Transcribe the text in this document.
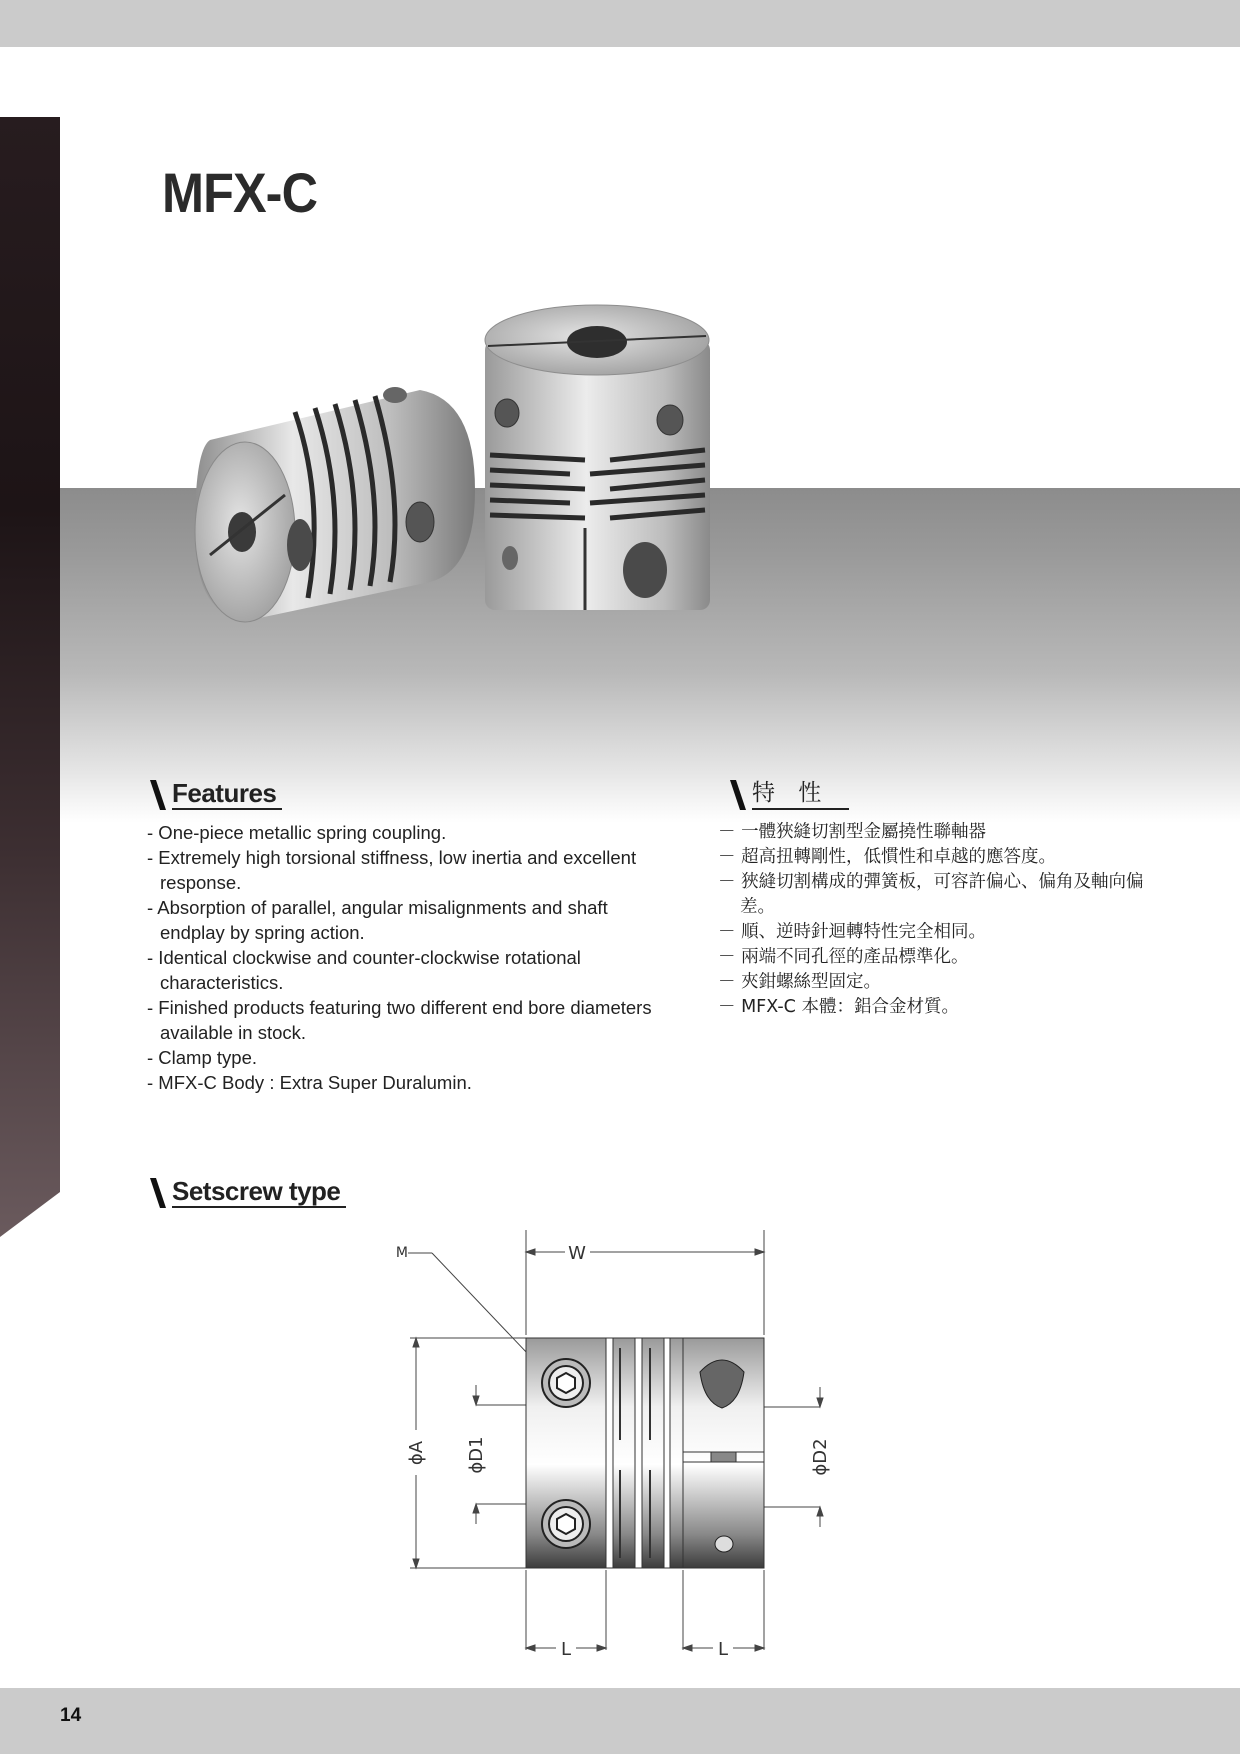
MFX-C
Features	特 性
- One-piece metallic spring coupling.
- Extremely high torsional stiffness, low inertia and excellent response.
- Absorption of parallel, angular misalignments and shaft endplay by spring action.
- Identical clockwise and counter-clockwise rotational characteristics.
- Finished products featuring two different end bore diameters available in stock.
- Clamp type.
- MFX-C Body : Extra Super Duralumin.
－ 一體狹縫切割型金屬撓性聯軸器
－ 超高扭轉剛性，低慣性和卓越的應答度。
－ 狹縫切割構成的彈簧板，可容許偏心、偏角及軸向偏差。
－ 順、逆時針迴轉特性完全相同。
－ 兩端不同孔徑的產品標準化。
－ 夾鉗螺絲型固定。
－ MFX-C 本體：鋁合金材質。
Setscrew type
M	W
L	L
ϕA ϕD1	ϕD2
14
